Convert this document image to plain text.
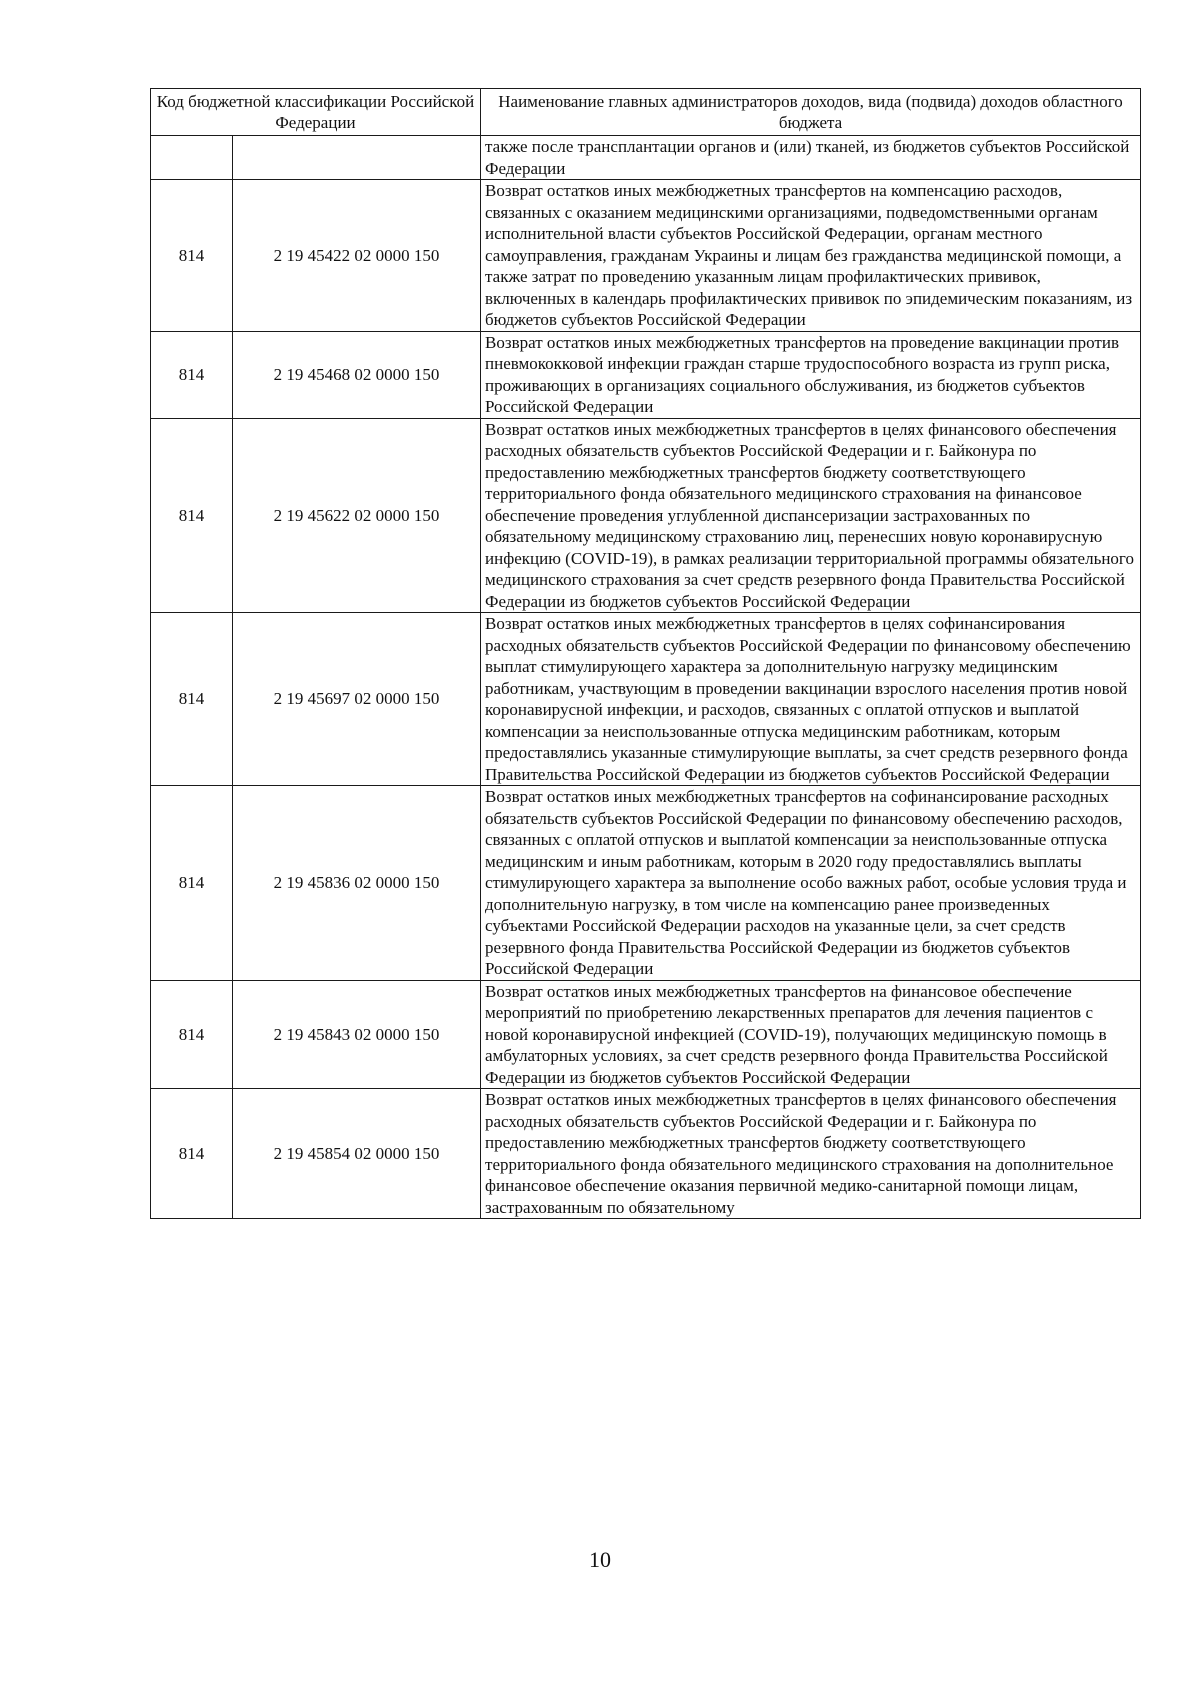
Код бюджетной классификации Российской Федерации		Наименование главных администраторов доходов, вида (подвида) доходов областного бюджета
		также после трансплантации органов и (или) тканей, из бюджетов субъектов Российской Федерации
814	2 19 45422 02 0000 150	Возврат остатков иных межбюджетных трансфертов на компенсацию расходов, связанных с оказанием медицинскими организациями, подведомственными органам исполнительной власти субъектов Российской Федерации, органам местного самоуправления, гражданам Украины и лицам без гражданства медицинской помощи, а также затрат по проведению указанным лицам профилактических прививок, включенных в календарь профилактических прививок по эпидемическим показаниям, из бюджетов субъектов Российской Федерации
814	2 19 45468 02 0000 150	Возврат остатков иных межбюджетных трансфертов на проведение вакцинации против пневмококковой инфекции граждан старше трудоспособного возраста из групп риска, проживающих в организациях социального обслуживания, из бюджетов субъектов Российской Федерации
814	2 19 45622 02 0000 150	Возврат остатков иных межбюджетных трансфертов в целях финансового обеспечения расходных обязательств субъектов Российской Федерации и г. Байконура по предоставлению межбюджетных трансфертов бюджету соответствующего территориального фонда обязательного медицинского страхования на финансовое обеспечение проведения углубленной диспансеризации застрахованных по обязательному медицинскому страхованию лиц, перенесших новую коронавирусную инфекцию (COVID-19), в рамках реализации территориальной программы обязательного медицинского страхования за счет средств резервного фонда Правительства Российской Федерации из бюджетов субъектов Российской Федерации
814	2 19 45697 02 0000 150	Возврат остатков иных межбюджетных трансфертов в целях софинансирования расходных обязательств субъектов Российской Федерации по финансовому обеспечению выплат стимулирующего характера за дополнительную нагрузку медицинским работникам, участвующим в проведении вакцинации взрослого населения против новой коронавирусной инфекции, и расходов, связанных с оплатой отпусков и выплатой компенсации за неиспользованные отпуска медицинским работникам, которым предоставлялись указанные стимулирующие выплаты, за счет средств резервного фонда Правительства Российской Федерации из бюджетов субъектов Российской Федерации
814	2 19 45836 02 0000 150	Возврат остатков иных межбюджетных трансфертов на софинансирование расходных обязательств субъектов Российской Федерации по финансовому обеспечению расходов, связанных с оплатой отпусков и выплатой компенсации за неиспользованные отпуска медицинским и иным работникам, которым в 2020 году предоставлялись выплаты стимулирующего характера за выполнение особо важных работ, особые условия труда и дополнительную нагрузку, в том числе на компенсацию ранее произведенных субъектами Российской Федерации расходов на указанные цели, за счет средств резервного фонда Правительства Российской Федерации из бюджетов субъектов Российской Федерации
814	2 19 45843 02 0000 150	Возврат остатков иных межбюджетных трансфертов на финансовое обеспечение мероприятий по приобретению лекарственных препаратов для лечения пациентов с новой коронавирусной инфекцией (COVID-19), получающих медицинскую помощь в амбулаторных условиях, за счет средств резервного фонда Правительства Российской Федерации из бюджетов субъектов Российской Федерации
814	2 19 45854 02 0000 150	Возврат остатков иных межбюджетных трансфертов в целях финансового обеспечения расходных обязательств субъектов Российской Федерации и г. Байконура по предоставлению межбюджетных трансфертов бюджету соответствующего территориального фонда обязательного медицинского страхования на дополнительное финансовое обеспечение оказания первичной медико-санитарной помощи лицам, застрахованным по обязательному
10
